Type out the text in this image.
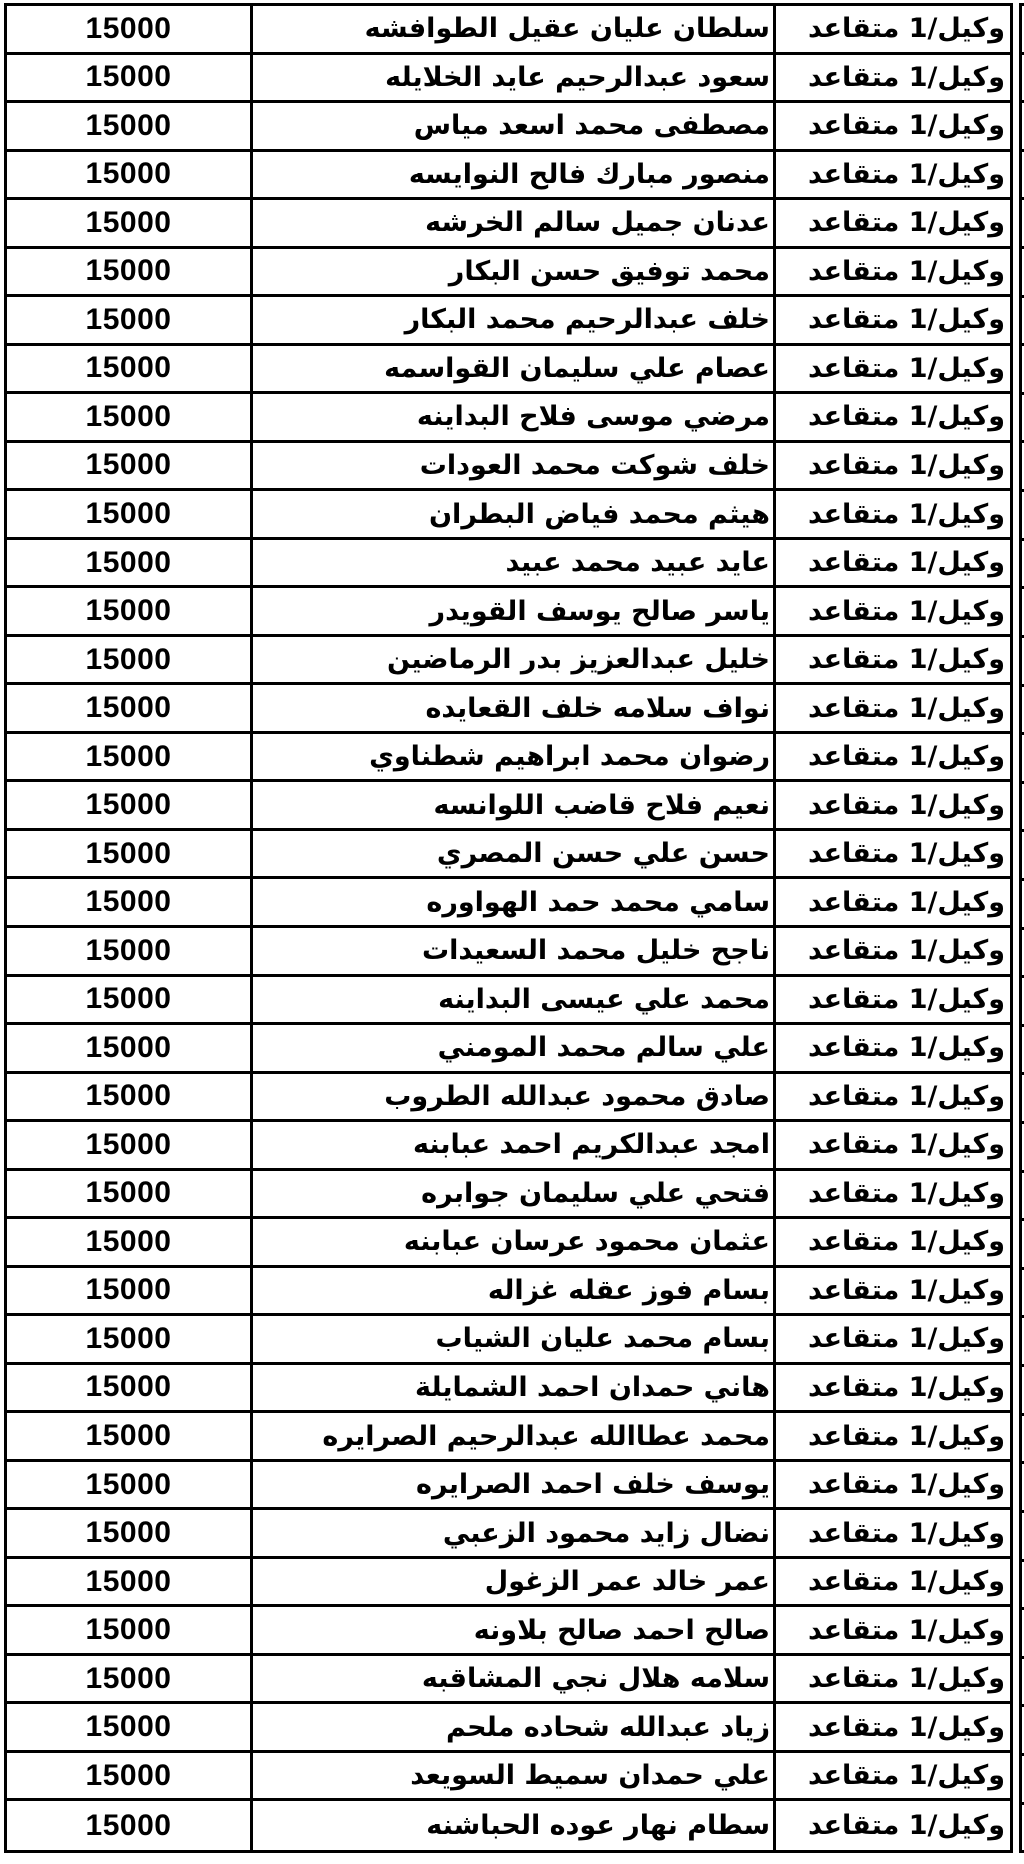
15000	سلطان عليان عقيل الطوافشه	وكيل/1 متقاعد
15000	سعود عبدالرحيم عايد الخلايله	وكيل/1 متقاعد
15000	مصطفى محمد اسعد مياس	وكيل/1 متقاعد
15000	منصور مبارك فالح النوايسه	وكيل/1 متقاعد
15000	عدنان جميل سالم الخرشه	وكيل/1 متقاعد
15000	محمد توفيق حسن البكار	وكيل/1 متقاعد
15000	خلف عبدالرحيم محمد البكار	وكيل/1 متقاعد
15000	عصام علي سليمان القواسمه	وكيل/1 متقاعد
15000	مرضي موسى فلاح البداينه	وكيل/1 متقاعد
15000	خلف شوكت محمد العودات	وكيل/1 متقاعد
15000	هيثم محمد فياض البطران	وكيل/1 متقاعد
15000	عايد عبيد محمد عبيد	وكيل/1 متقاعد
15000	ياسر صالح يوسف القويدر	وكيل/1 متقاعد
15000	خليل عبدالعزيز بدر الرماضين	وكيل/1 متقاعد
15000	نواف سلامه خلف القعايده	وكيل/1 متقاعد
15000	رضوان محمد ابراهيم شطناوي	وكيل/1 متقاعد
15000	نعيم فلاح قاضب اللوانسه	وكيل/1 متقاعد
15000	حسن علي حسن المصري	وكيل/1 متقاعد
15000	سامي محمد حمد الهواوره	وكيل/1 متقاعد
15000	ناجح خليل محمد السعيدات	وكيل/1 متقاعد
15000	محمد علي عيسى البداينه	وكيل/1 متقاعد
15000	علي سالم محمد المومني	وكيل/1 متقاعد
15000	صادق محمود عبدالله الطروب	وكيل/1 متقاعد
15000	امجد عبدالكريم احمد عبابنه	وكيل/1 متقاعد
15000	فتحي علي سليمان جوابره	وكيل/1 متقاعد
15000	عثمان محمود عرسان عبابنه	وكيل/1 متقاعد
15000	بسام فوز عقله غزاله	وكيل/1 متقاعد
15000	بسام محمد عليان الشياب	وكيل/1 متقاعد
15000	هاني حمدان احمد الشمايلة	وكيل/1 متقاعد
15000	محمد عطاالله عبدالرحيم الصرايره	وكيل/1 متقاعد
15000	يوسف خلف احمد الصرايره	وكيل/1 متقاعد
15000	نضال زايد محمود الزعبي	وكيل/1 متقاعد
15000	عمر خالد عمر الزغول	وكيل/1 متقاعد
15000	صالح احمد صالح بلاونه	وكيل/1 متقاعد
15000	سلامه هلال نجي المشاقبه	وكيل/1 متقاعد
15000	زياد عبدالله شحاده ملحم	وكيل/1 متقاعد
15000	علي حمدان سميط السويعد	وكيل/1 متقاعد
15000	سطام نهار عوده الحباشنه	وكيل/1 متقاعد
